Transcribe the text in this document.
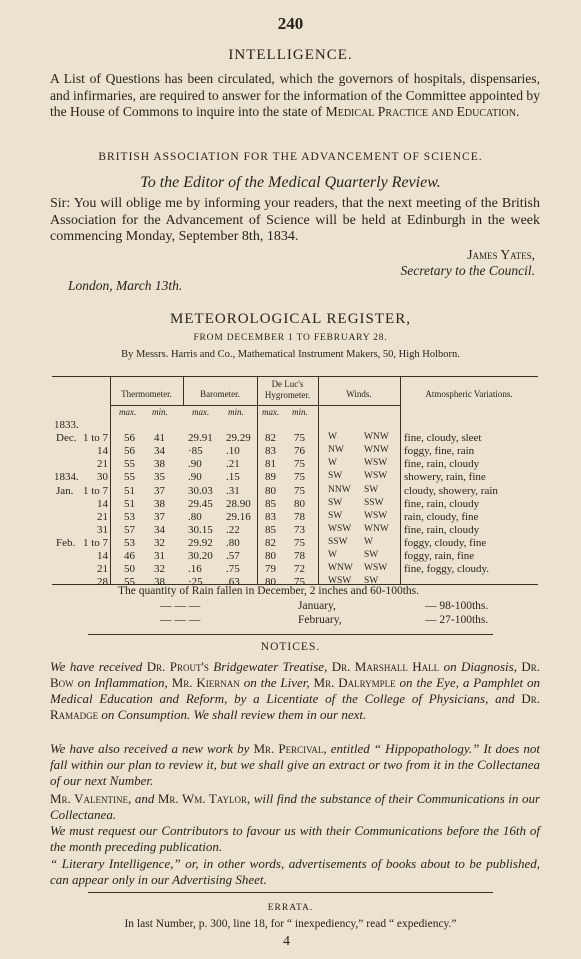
240
INTELLIGENCE.
A List of Questions has been circulated, which the governors of hospitals, dispensaries, and infirmaries, are required to answer for the information of the Committee appointed by the House of Commons to inquire into the state of Medical Practice and Education.
BRITISH ASSOCIATION FOR THE ADVANCEMENT OF SCIENCE.
To the Editor of the Medical Quarterly Review.
Sir: You will oblige me by informing your readers, that the next meeting of the British Association for the Advancement of Science will be held at Edinburgh in the week commencing Monday, September 8th, 1834.
James Yates,
Secretary to the Council.
London, March 13th.
METEOROLOGICAL REGISTER,
FROM DECEMBER 1 TO FEBRUARY 28.
By Messrs. Harris and Co., Mathematical Instrument Makers, 50, High Holborn.
Thermometer.	Barometer.
De Luc's
Hygrometer.	Winds.	Atmospheric Variations.
max. min.	max. min. max. min.
1833.
Dec. 1 to 7 56 41 29.91 29.29 82 75 W	WNW fine, cloudy, sleet
14 56 34 ·85 .10 83 76 NW WNW foggy, fine, rain
21 55 38 .90 .21 81 75 W	WSW fine, rain, cloudy
1834. 30 55 35 .90 .15 89 75 SW WSW showery, rain, fine
Jan. 1 to 7 51 37 30.03 .31 80 75 NNW SW cloudy, showery, rain
14 51 38 29.45 28.90 85 80 SW SSW fine, rain, cloudy
21 53 37 .80 29.16 83 78 SW WSW rain, cloudy, fine
31 57 34 30.15 .22 85 73 WSW WNW fine, rain, cloudy
Feb. 1 to 7 53 32 29.92 .80 82 75 SSW W	foggy, cloudy, fine
14 46 31 30.20 .57 80 78 W	SW foggy, rain, fine
21 50 32 .16 .75 79 72 WNW WSW fine, foggy, cloudy.
28 55 38 ·25 .63 80 75 WSW SW
The quantity of Rain fallen in December, 2 inches and 60-100ths.
— — —	January,	— 98-100ths.
— — —	February,	— 27-100ths.
NOTICES.
We have received Dr. Prout's Bridgewater Treatise, Dr. Marshall Hall on Diagnosis, Dr. Bow on Inflammation, Mr. Kiernan on the Liver, Mr. Dalrymple on the Eye, a Pamphlet on Medical Education and Reform, by a Licentiate of the College of Physicians, and Dr. Ramadge on Consumption. We shall review them in our next.
We have also received a new work by Mr. Percival, entitled “ Hippopathology.” It does not fall within our plan to review it, but we shall give an extract or two from it in the Collectanea of our next Number.
Mr. Valentine, and Mr. Wm. Taylor, will find the substance of their Communications in our Collectanea.
We must request our Contributors to favour us with their Communications before the 16th of the month preceding publication.
“ Literary Intelligence,” or, in other words, advertisements of books about to be published, can appear only in our Advertising Sheet.
ERRATA.
In last Number, p. 300, line 18, for “ inexpediency,” read “ expediency.”
4
